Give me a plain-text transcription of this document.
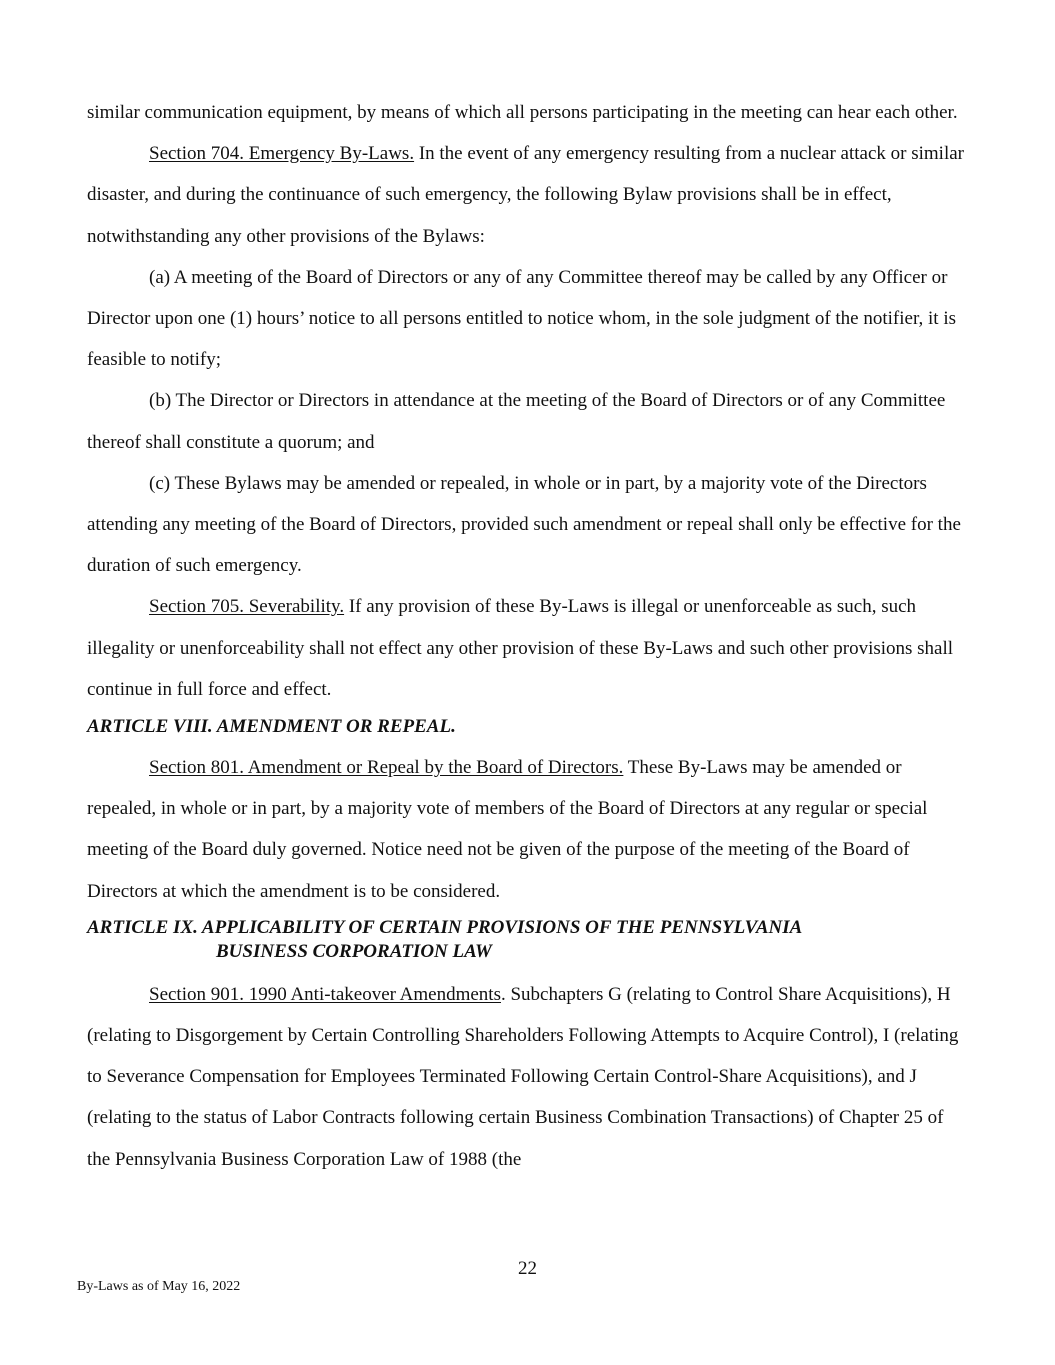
similar communication equipment, by means of which all persons participating in the meeting can hear each other.

Section 704. Emergency By-Laws. In the event of any emergency resulting from a nuclear attack or similar disaster, and during the continuance of such emergency, the following Bylaw provisions shall be in effect, notwithstanding any other provisions of the Bylaws:

(a) A meeting of the Board of Directors or any of any Committee thereof may be called by any Officer or Director upon one (1) hours’ notice to all persons entitled to notice whom, in the sole judgment of the notifier, it is feasible to notify;

(b) The Director or Directors in attendance at the meeting of the Board of Directors or of any Committee thereof shall constitute a quorum; and

(c) These Bylaws may be amended or repealed, in whole or in part, by a majority vote of the Directors attending any meeting of the Board of Directors, provided such amendment or repeal shall only be effective for the duration of such emergency.

Section 705. Severability. If any provision of these By-Laws is illegal or unenforceable as such, such illegality or unenforceability shall not effect any other provision of these By-Laws and such other provisions shall continue in full force and effect.

ARTICLE VIII. AMENDMENT OR REPEAL.

Section 801. Amendment or Repeal by the Board of Directors. These By-Laws may be amended or repealed, in whole or in part, by a majority vote of members of the Board of Directors at any regular or special meeting of the Board duly governed. Notice need not be given of the purpose of the meeting of the Board of Directors at which the amendment is to be considered.

ARTICLE IX. APPLICABILITY OF CERTAIN PROVISIONS OF THE PENNSYLVANIA
BUSINESS CORPORATION LAW

Section 901. 1990 Anti-takeover Amendments. Subchapters G (relating to Control Share Acquisitions), H (relating to Disgorgement by Certain Controlling Shareholders Following Attempts to Acquire Control), I (relating to Severance Compensation for Employees Terminated Following Certain Control-Share Acquisitions), and J (relating to the status of Labor Contracts following certain Business Combination Transactions) of Chapter 25 of the Pennsylvania Business Corporation Law of 1988 (the

22
By-Laws as of May 16, 2022
